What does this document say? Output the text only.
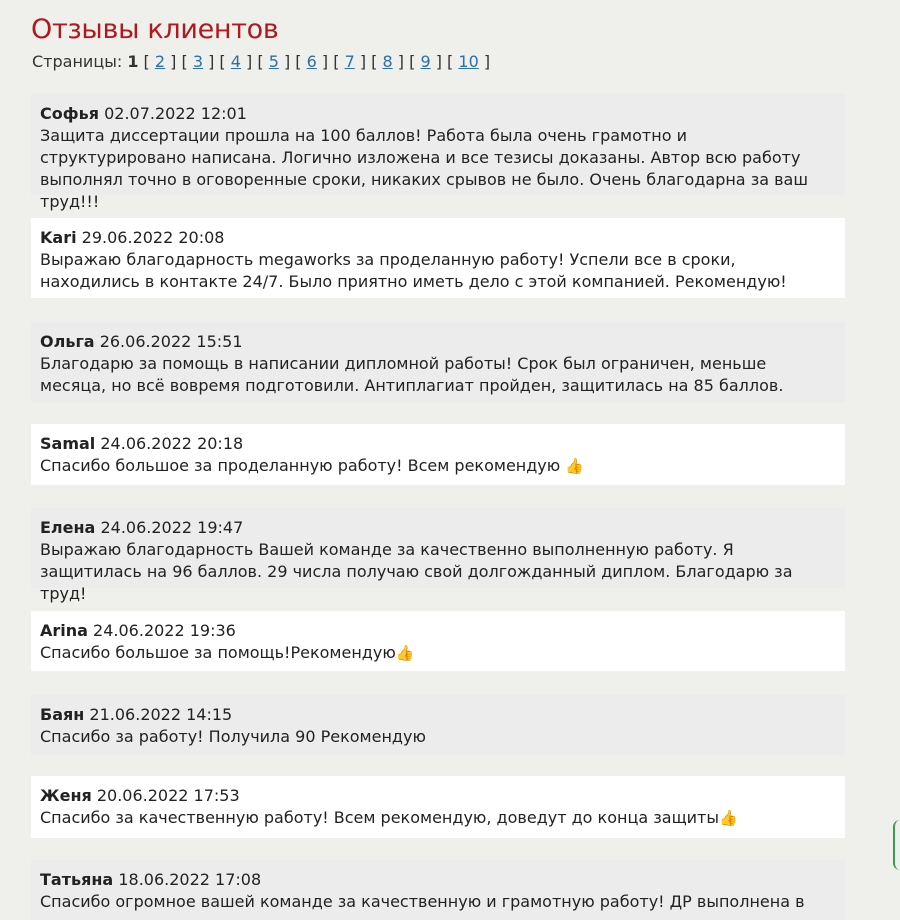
Отзывы клиентов
Страницы: 1 [ 2 ] [ 3 ] [ 4 ] [ 5 ] [ 6 ] [ 7 ] [ 8 ] [ 9 ] [ 10 ]
Софья 02.07.2022 12:01
Защита диссертации прошла на 100 баллов! Работа была очень грамотно и структурировано написана. Логично изложена и все тезисы доказаны. Автор всю работу выполнял точно в оговоренные сроки, никаких срывов не было. Очень благодарна за ваш труд!!!
Kari 29.06.2022 20:08
Выражаю благодарность megaworks за проделанную работу! Успели все в сроки, находились в контакте 24/7. Было приятно иметь дело с этой компанией. Рекомендую!
Ольга 26.06.2022 15:51
Благодарю за помощь в написании дипломной работы! Срок был ограничен, меньше месяца, но всё вовремя подготовили. Антиплагиат пройден, защитилась на 85 баллов.
Samal 24.06.2022 20:18
Спасибо большое за проделанную работу! Всем рекомендую 👍
Елена 24.06.2022 19:47
Выражаю благодарность Вашей команде за качественно выполненную работу. Я защитилась на 96 баллов. 29 числа получаю свой долгожданный диплом. Благодарю за труд!
Arina 24.06.2022 19:36
Спасибо большое за помощь!Рекомендую👍
Баян 21.06.2022 14:15
Спасибо за работу! Получила 90 Рекомендую
Женя 20.06.2022 17:53
Спасибо за качественную работу! Всем рекомендую, доведут до конца защиты👍
Татьяна 18.06.2022 17:08
Спасибо огромное вашей команде за качественную и грамотную работу! ДР выполнена в
